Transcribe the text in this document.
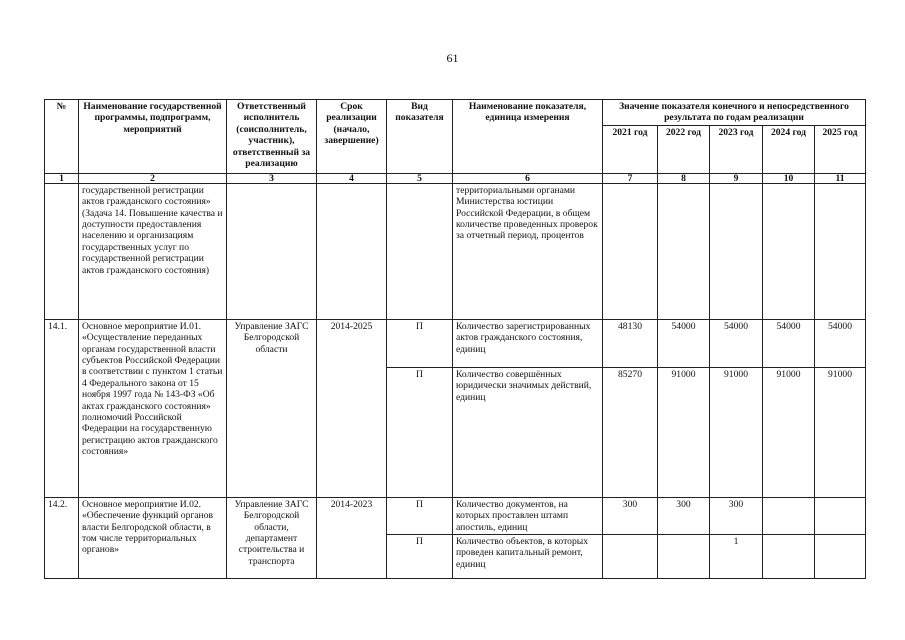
61
№	Наименование государственной программы, подпрограмм, мероприятий	Ответственный исполнитель (соисполнитель, участник), ответственный за реализацию	Срок реализации (начало, завершение)	Вид показателя	Наименование показателя, единица измерения	Значение показателя конечного и непосредственного результата по годам реализации				
						2021 год	2022 год	2023 год	2024 год	2025 год
1	2	3	4	5	6	7	8	9	10	11
	государственной регистрации актов гражданского состояния» (Задача 14. Повышение качества и доступности предоставления населению и организациям государственных услуг по государственной регистрации актов гражданского состояния)				территориальными органами Министерства юстиции Российской Федерации, в общем количестве проведенных проверок за отчетный период, процентов					
14.1.	Основное мероприятие И.01. «Осуществление переданных органам государственной власти субъектов Российской Федерации в соответствии с пунктом 1 статьи 4 Федерального закона от 15 ноября 1997 года № 143-ФЗ «Об актах гражданского состояния» полномочий Российской Федерации на государственную регистрацию актов гражданского состояния»	Управление ЗАГС Белгородской области	2014-2025	П	Количество зарегистрированных актов гражданского состояния, единиц	48130	54000	54000	54000	54000
				П	Количество совершённых юридически значимых действий, единиц	85270	91000	91000	91000	91000
14.2.	Основное мероприятие И.02. «Обеспечение функций органов власти Белгородской области, в том числе территориальных органов»	Управление ЗАГС Белгородской области, департамент строительства и транспорта	2014-2023	П	Количество документов, на которых проставлен штамп апостиль, единиц	300	300	300		
				П	Количество объектов, в которых проведен капитальный ремонт, единиц			1		
